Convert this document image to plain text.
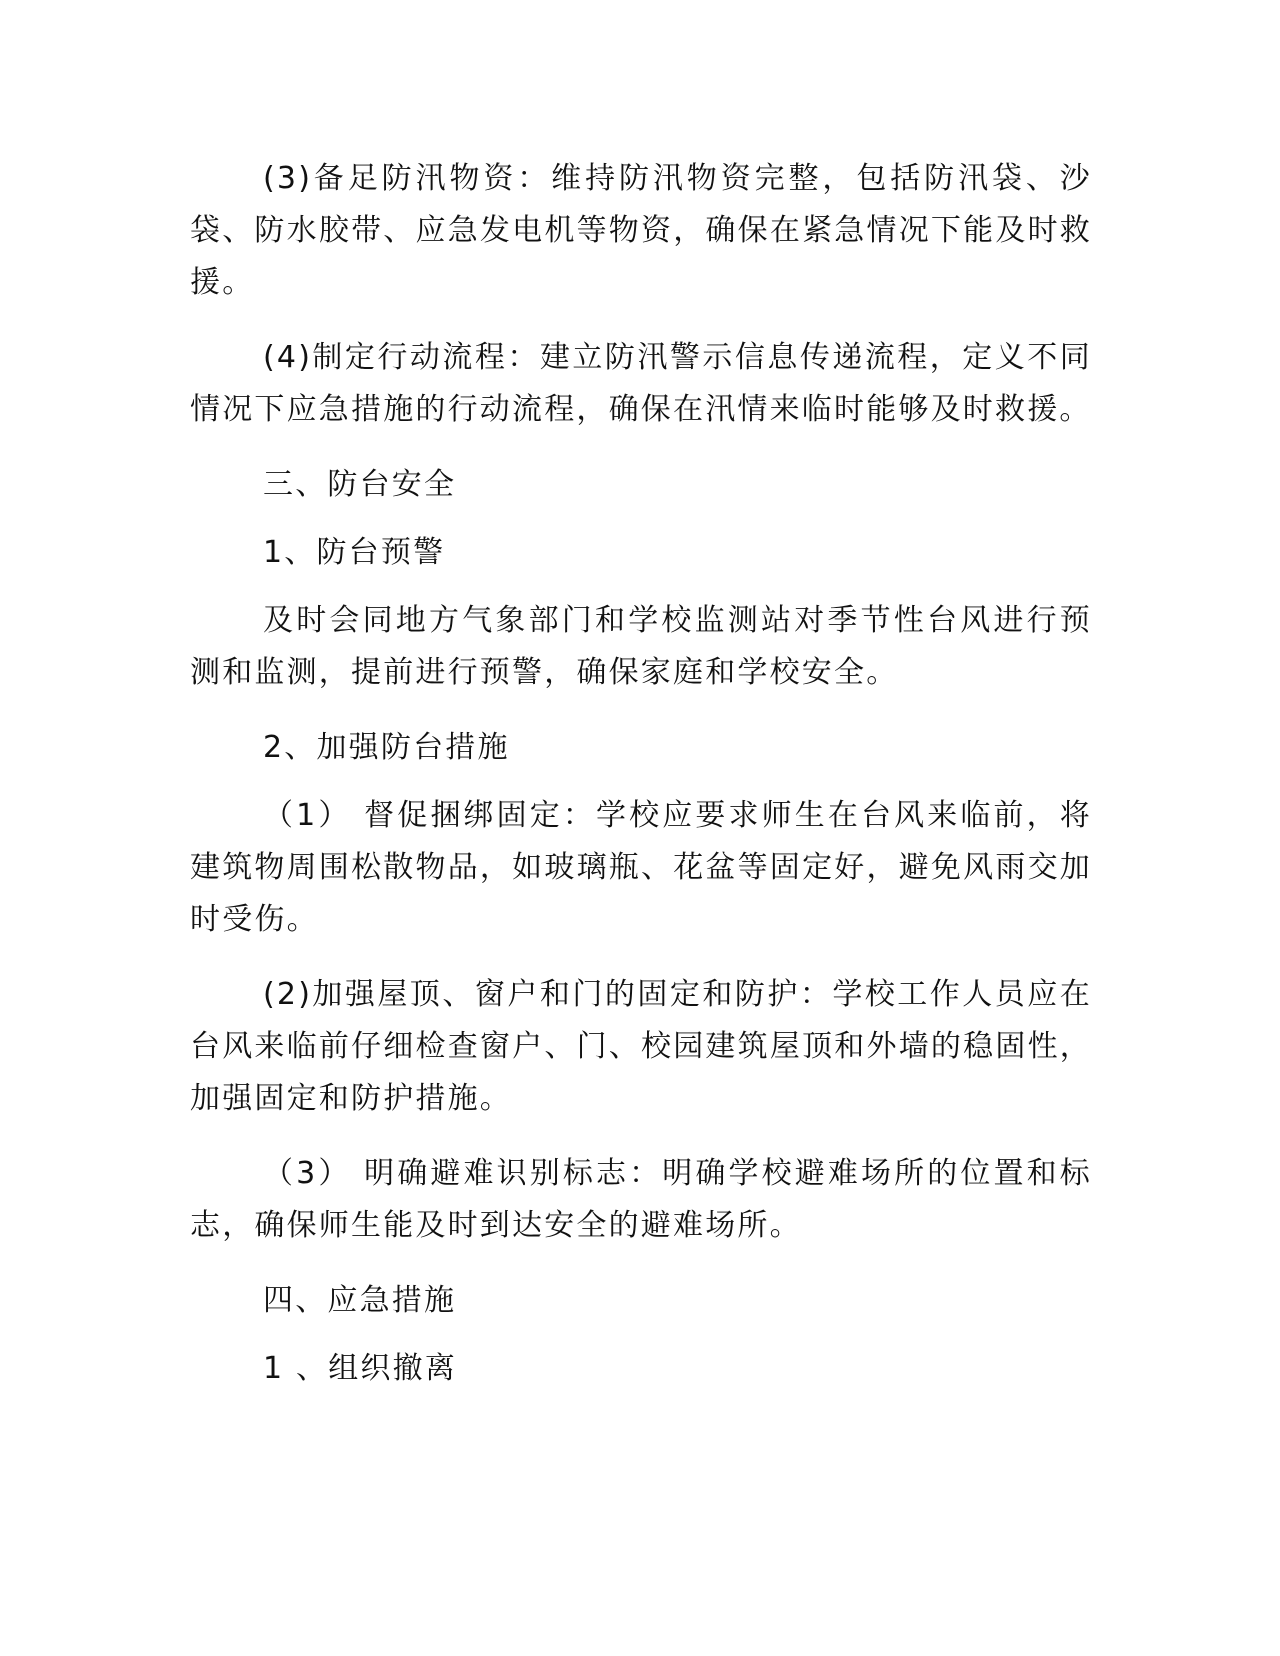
(3)备足防汛物资：维持防汛物资完整，包括防汛袋、沙袋、防水胶带、应急发电机等物资，确保在紧急情况下能及时救援。

(4)制定行动流程：建立防汛警示信息传递流程，定义不同情况下应急措施的行动流程，确保在汛情来临时能够及时救援。

三、防台安全

1、防台预警

及时会同地方气象部门和学校监测站对季节性台风进行预测和监测，提前进行预警，确保家庭和学校安全。

2、加强防台措施

（1） 督促捆绑固定：学校应要求师生在台风来临前，将建筑物周围松散物品，如玻璃瓶、花盆等固定好，避免风雨交加时受伤。

(2)加强屋顶、窗户和门的固定和防护：学校工作人员应在台风来临前仔细检查窗户、门、校园建筑屋顶和外墙的稳固性，加强固定和防护措施。

（3） 明确避难识别标志：明确学校避难场所的位置和标志，确保师生能及时到达安全的避难场所。

四、应急措施

1 、组织撤离
